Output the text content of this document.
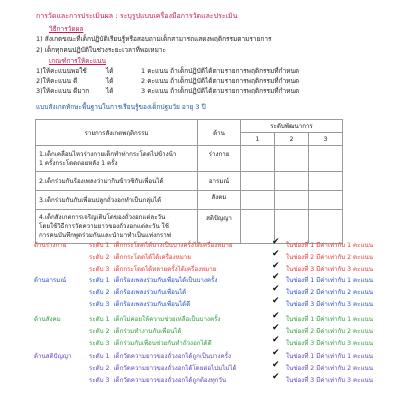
การวัดและการประเมินผล : ระบุรูปแบบเครื่องมือการวัดและประเมิน
วิธีการวัดผล
1) สังเกตขณะที่เด็กปฏิบัติเรียนรู้หรือสอบถามเด็กสามารถแสดงพฤติกรรมตามรายการ
2) เด็กทุกคนปฏิบัติในช่วงระยะเวลาที่พอเหมาะ
เกณฑ์การให้คะแนน
1)ให้คะแนนพอใช้	ได้	1 คะแนน ถ้าเด็กปฏิบัติได้ตามรายการพฤติกรรมที่กำหนด
2)ให้คะแนน ดี	ได้	2 คะแนน ถ้าเด็กปฏิบัติได้ตามรายการพฤติกรรมที่กำหนด
3)ให้คะแนน ดีมาก	ได้	3 คะแนน ถ้าเด็กปฏิบัติได้ตามรายการพฤติกรรมที่กำหนด
แบบสังเกตทักษะพื้นฐานในการเรียนรู้ของเด็กปฐมวัย อายุ 3 ปี
รายการสังเกตพฤติกรรม	ด้าน	ระดับพัฒนาการ		
		1	2	3

1.เด็กเคลื่อนไหวร่างกายเด็กทำท่ากระโดดไปข้างน้า
1 ครั้งกระโดดถอยหลัง 1 ครั้ง	ร่างกาย			

2.เด็กร่วมกันร้องเพลงว่ามากินข้าวซิกับเพื่อนได้	อารมณ์			

3.เด็กร่วมกันกับเพื่อนปลูกถั่วงอกทำเป็นกลุ่มได้	สังคม			

4.เด็กสังเกตการเจริญเติบโตของถั่วงอกแต่ละวัน
โดยใช้วิธีการวัดความยาวของถั่วงอกแต่ละวัน ใช้
การคนบันทึกพูดร่วมกันและนำมาทำเป็นแท่งกราฟ	สติปัญญา			
ด้านร่างกาย	ระดับ 1 เด็กกระโดดได้บางเป็นบางครั้งได้เครื่องหมาย	✔ ในช่องที่ 1 มีค่าเท่ากับ 1 คะแนน
ระดับ 2 เด็กกระโดดได้ได้เครื่องหมาย	✔ ในช่องที่ 2 มีค่าเท่ากับ 2 คะแนน
ระดับ 3 เด็กกระโดดได้หลายครั้งได้เครื่องหมาย	✔ ในช่องที่ 3 มีค่าเท่ากับ 3 คะแนน
ด้านอารมณ์	ระดับ 1 เด็กร้องเพลงร่วมกับเพื่อนได้เป็นบางครั้ง	✔ ในช่องที่ 1 มีค่าเท่ากับ 1 คะแนน
ระดับ 2 เด็กร้องเพลงร่วมกับเพื่อนได้	✔ ในช่องที่ 2 มีค่าเท่ากับ 2 คะแนน
ระดับ 3 เด็กร้องเพลงร่วมกับเพื่อนได้ดี	✔ ในช่องที่ 3 มีค่าเท่ากับ 3 คะแนน
ด้านสังคม	ระดับ 1 เด็กไม่ค่อยให้ความช่วยเหลือเป็นบางครั้ง	✔ ในช่องที่ 1 มีค่าเท่ากับ 1 คะแนน
ระดับ 2 เด็กร่วมทำงานกับเพื่อนได้	✔ ในช่องที่ 2 มีค่าเท่ากับ 2 คะแนน
ระดับ 3 เด็กร่วมกับเพื่อนช่วยกันทำถั่วงอกได้ดี	✔ ในช่องที่ 3 มีค่าเท่ากับ 3 คะแนน
ด้านสติปัญญา	ระดับ 1 เด็กวัดความยาวของถั่วงอกได้ถูกเป็นบางครั้ง	✔ ในช่องที่ 1 มีค่าเท่ากับ 1 คะแนน
ระดับ 2 เด็กวัดความยาวของถั่วงอกได้โดยต่อไปมไม่ได้	✔ ในช่องที่ 2 มีค่าเท่ากับ 2 คะแนน
ระดับ 3 เด็กวัดความยาวของถั่วงอกได้ถูกต้องทุกวัน	✔ ในช่องที่ 3 มีค่าเท่ากับ 3 คะแนน
